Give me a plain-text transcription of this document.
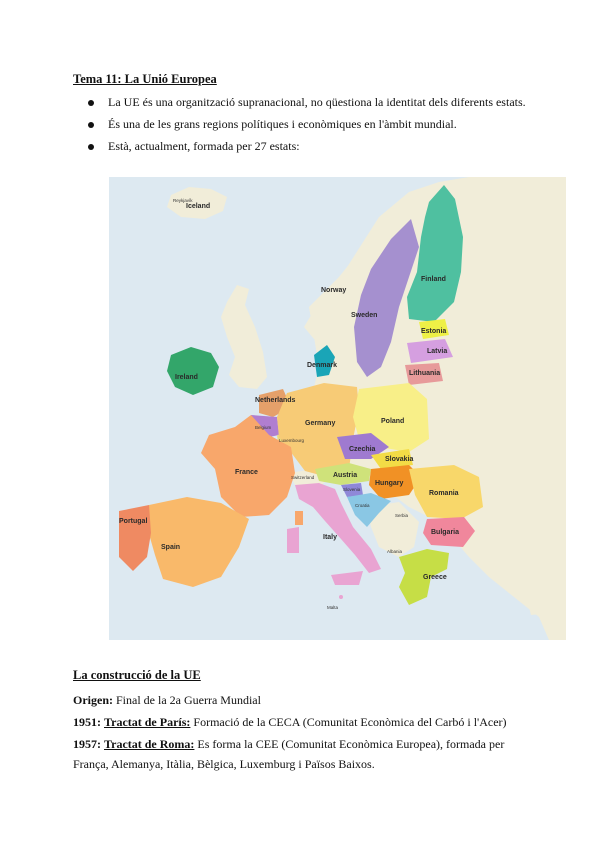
Tema 11: La Unió Europea
La UE és una organització supranacional, no qüestiona la identitat dels diferents estats.
És una de les grans regions polítiques i econòmiques en l'àmbit mundial.
Està, actualment, formada per 27 estats:
Iceland
Reykjavík
Finland
Norway
Sweden
Estonia
Latvia
Lithuania
Denmark
Ireland
Netherlands
Belgium
Luxembourg
Germany	Poland
Czechia
Slovakia
Austria
Hungary
Slovenia
Croatia
Serbia
Switzerland
Romania
Bulgaria
Albania
Greece
Italy
France
Spain
Portugal
Malta
La construcció de la UE

Origen: Final de la 2a Guerra Mundial

1951: Tractat de París: Formació de la CECA (Comunitat Econòmica del Carbó i l'Acer)

1957: Tractat de Roma: Es forma la CEE (Comunitat Econòmica Europea), formada per

França, Alemanya, Itàlia, Bèlgica, Luxemburg i Països Baixos.
